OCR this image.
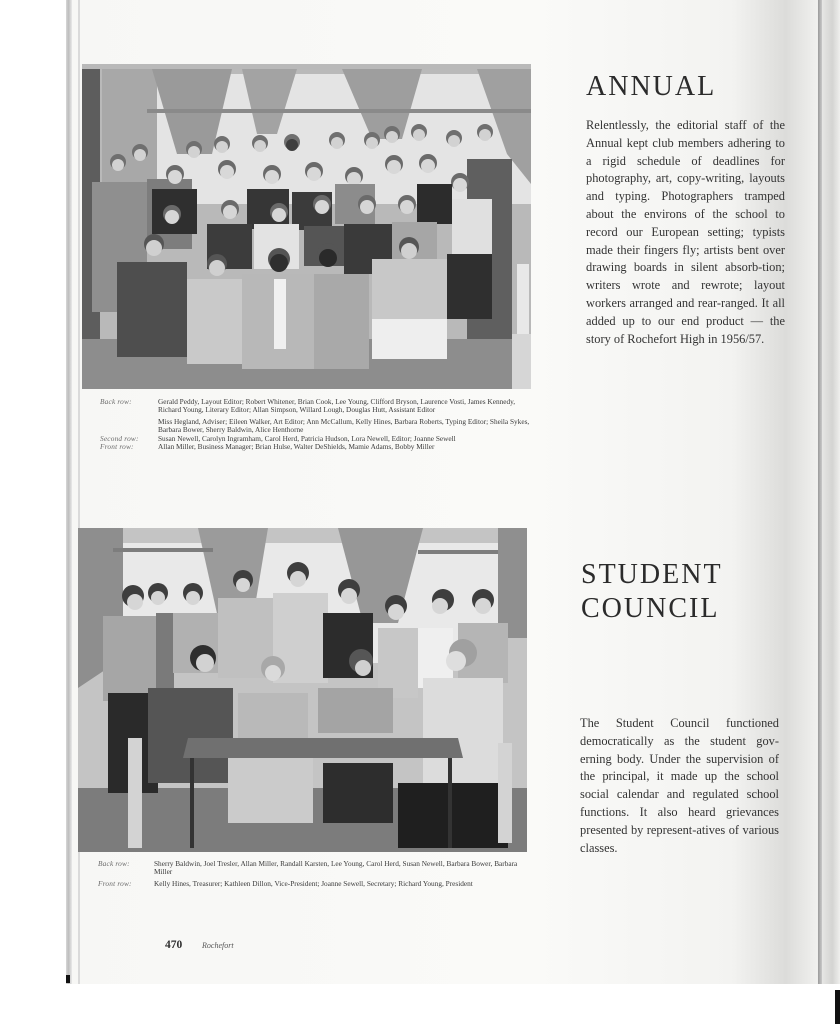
Back row:	Gerald Peddy, Layout Editor; Robert Whitener, Brian Cook, Lee Young, Clifford Bryson, Laurence Vosti, James Kennedy, Richard Young, Literary Editor; Allan Simpson, Willard Lough, Douglas Hutt, Assistant Editor
Miss Hegland, Adviser; Eileen Walker, Art Editor; Ann McCallum, Kelly Hines, Barbara Roberts, Typing Editor; Sheila Sykes, Barbara Bower, Sherry Baldwin, Alice Henthorne
Second row:	Susan Newell, Carolyn Ingramham, Carol Herd, Patricia Hudson, Lora Newell, Editor; Joanne Sewell
Front row:	Allan Miller, Business Manager; Brian Hulse, Walter DeShields, Mamie Adams, Bobby Miller
ANNUAL

Relentlessly, the editorial staff of the Annual kept club members adhering to a rigid schedule of deadlines for photography, art, copy-writing, layouts and typing. Photographers tramped about the environs of the school to record our European setting; typists made their fingers fly; artists bent over drawing boards in silent absorb-tion; writers wrote and rewrote; layout workers arranged and rear-ranged. It all added up to our end product — the story of Rochefort High in 1956/57.

Back row:	Sherry Baldwin, Joel Tresler, Allan Miller, Randall Karsten, Lee Young, Carol Herd, Susan Newell, Barbara Bower, Barbara Miller
Front row:	Kelly Hines, Treasurer; Kathleen Dillon, Vice-President; Joanne Sewell, Secretary; Richard Young, President
STUDENT
COUNCIL

The Student Council functioned democratically as the student gov-erning body. Under the supervision of the principal, it made up the school social calendar and regulated school functions. It also heard grievances presented by represent-atives of various classes.

470 Rochefort
